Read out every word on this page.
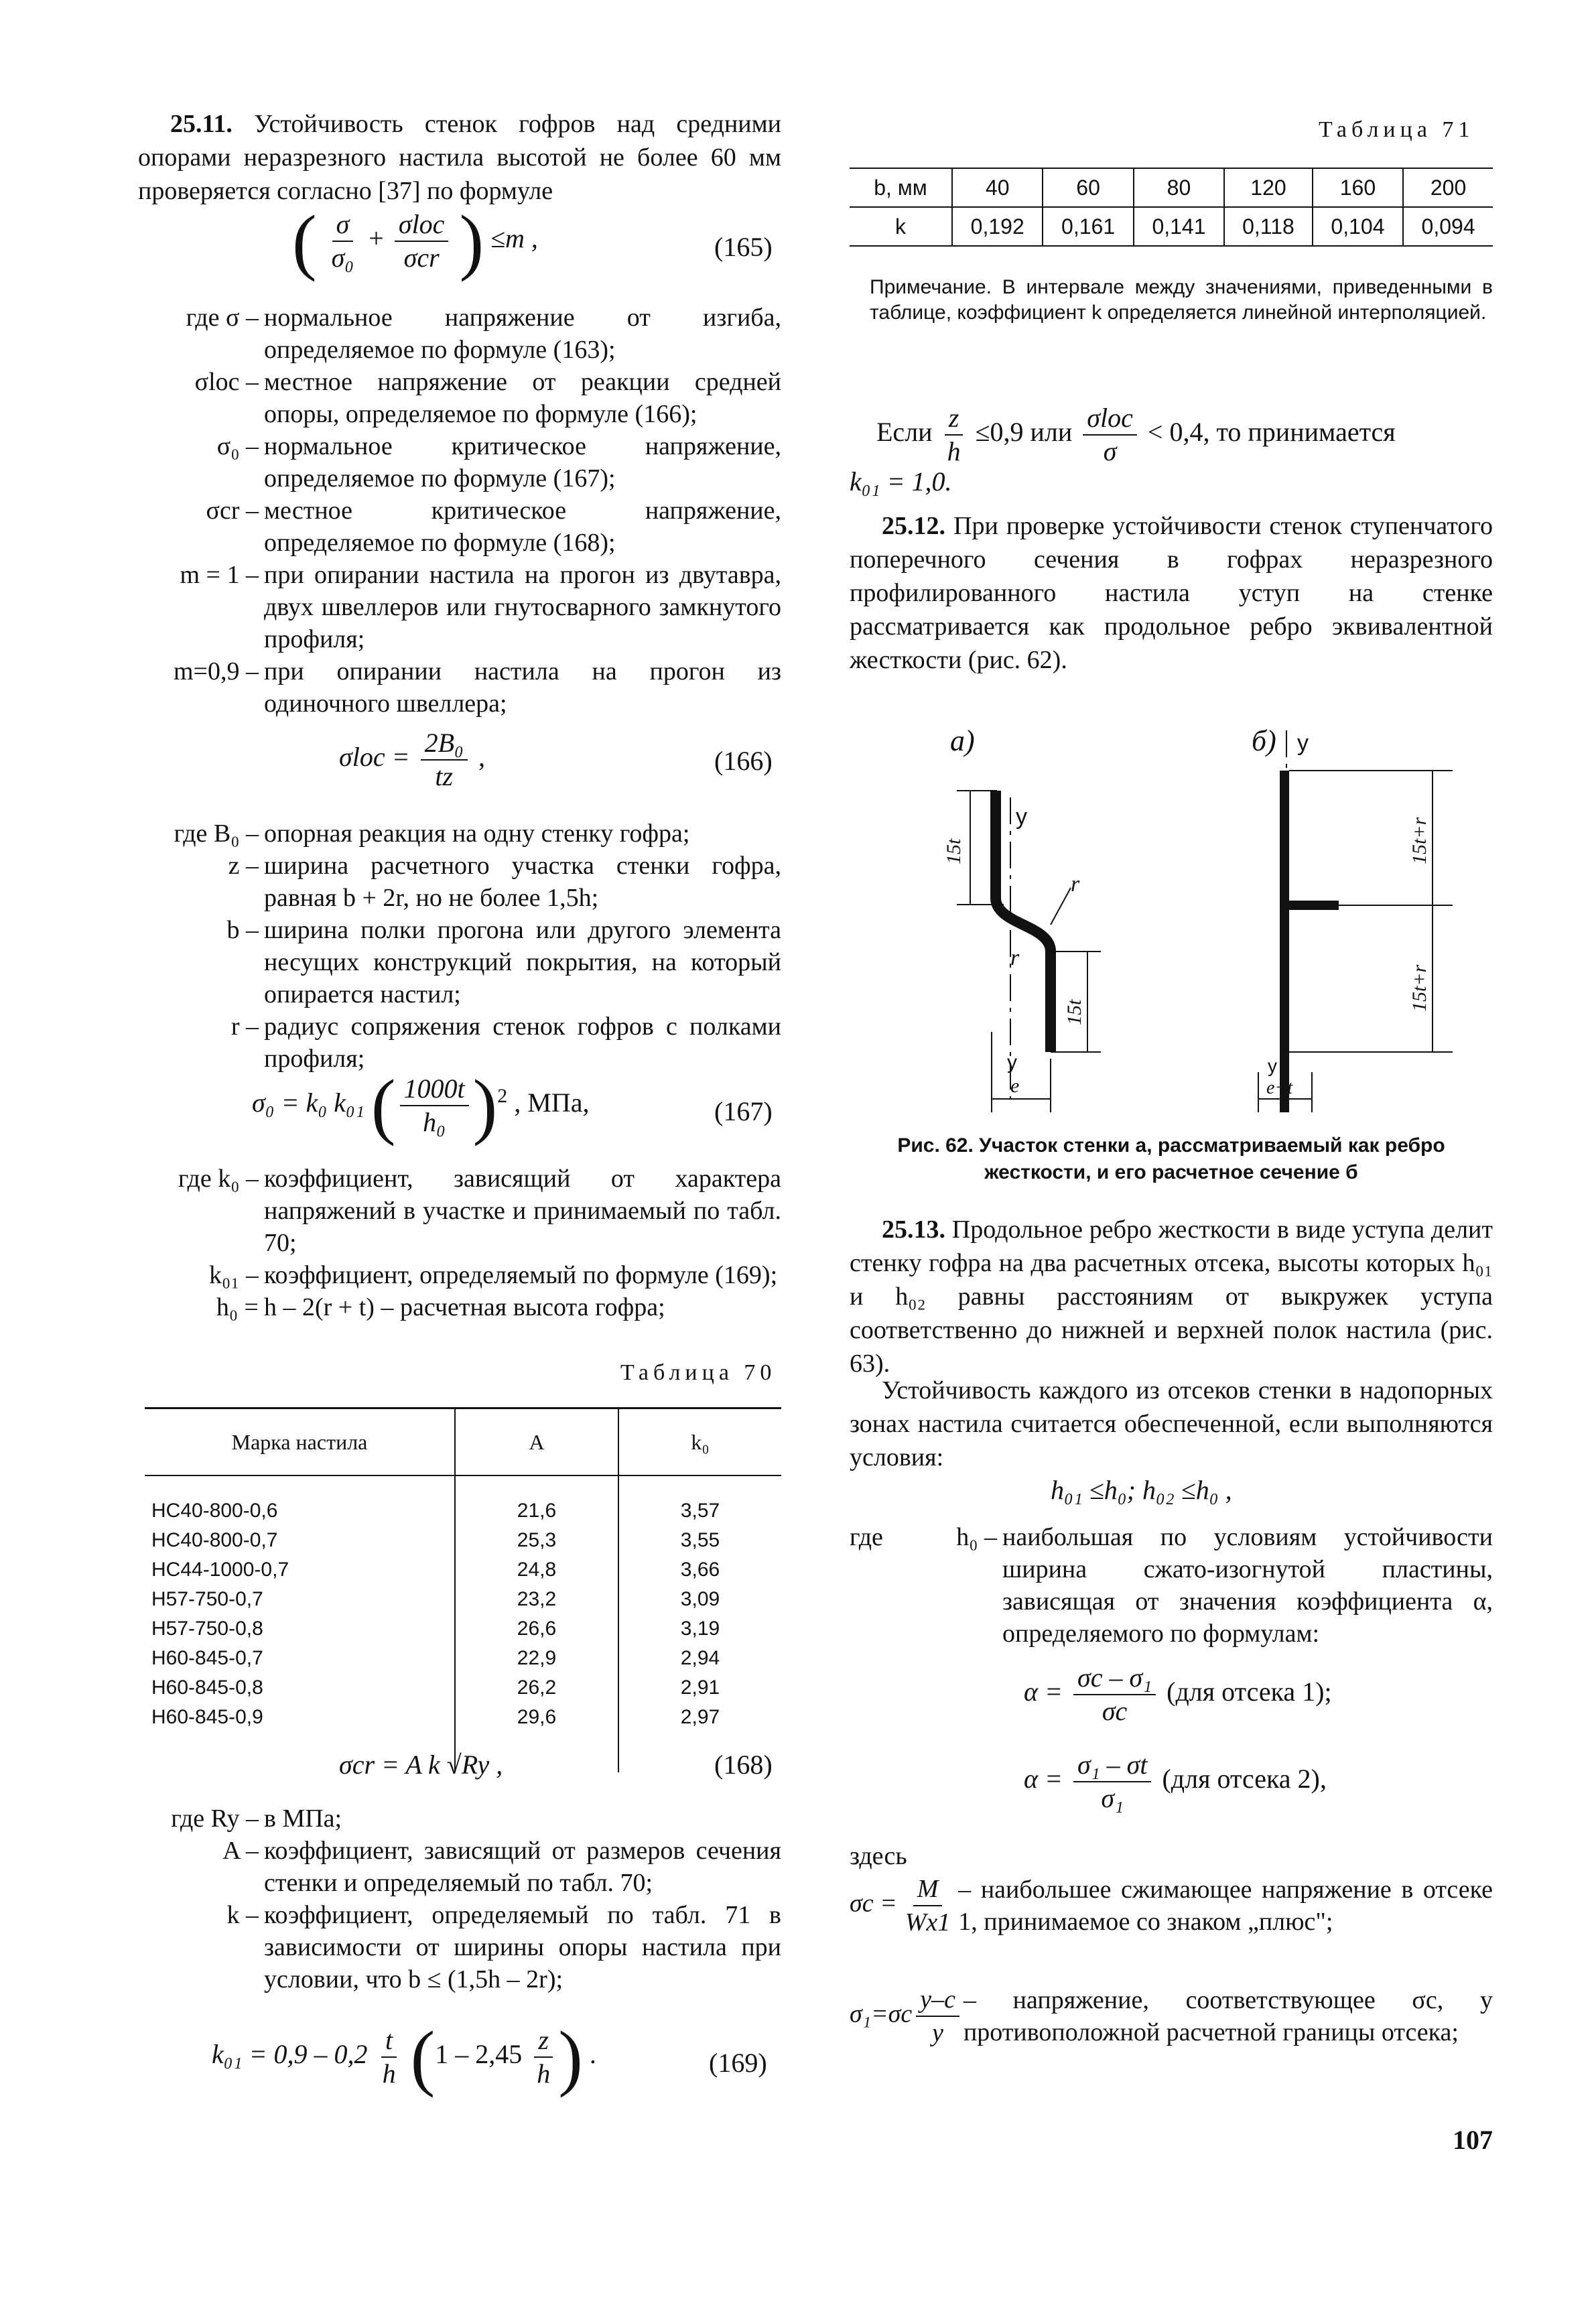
25.11. Устойчивость стенок гофров над средними опорами неразрезного настила высотой не более 60 мм проверяется согласно [37] по формуле

( $\frac{\sigma}{\text{σ₀}} + \frac{\text{σloc}}{\text{σcr}}$ ) ≤m ,	(165)
где σ – нормальное напряжение от изгиба, определяемое по формуле (163);
σloc – местное напряжение от реакции средней опоры, определяемое по формуле (166);
σ₀ – нормальное критическое напряжение, определяемое по формуле (167);
σcr – местное критическое напряжение, определяемое по формуле (168);
m = 1 – при опирании настила на прогон из двутавра, двух швеллеров или гнутосварного замкнутого профиля;
m=0,9 – при опирании настила на прогон из одиночного швеллера;
$\sigma loc = \frac{\text{2B₀}}{tz}$ ,	(166)
где B₀ – опорная реакция на одну стенку гофра;
z – ширина расчетного участка стенки гофра, равная b + 2r, но не более 1,5h;
b – ширина полки прогона или другого элемента несущих конструкций покрытия, на который опирается настил;
r – радиус сопряжения стенок гофров с полками профиля;
σ₀ = k₀ k₀₁ ( $\frac{1000t}{\text{h₀}} )^2$ , МПа,	(167)
где k₀ – коэффициент, зависящий от характера напряжений в участке и принимаемый по табл. 70;
k₀₁ – коэффициент, определяемый по формуле (169);
h₀ = h – 2(r + t) – расчетная высота гофра;
Таблица 70
Марка настила	A	k₀

НС40-800-0,6	21,6	3,57
НС40-800-0,7	25,3	3,55
НС44-1000-0,7	24,8	3,66
Н57-750-0,7	23,2	3,09
Н57-750-0,8	26,6	3,19
Н60-845-0,7	22,9	2,94
Н60-845-0,8	26,2	2,91
Н60-845-0,9	29,6	2,97

σcr = A k √Ry ,	(168)
где Ry – в МПа;
A – коэффициент, зависящий от размеров сечения стенки и определяемый по табл. 70;
k – коэффициент, определяемый по табл. 71 в зависимости от ширины опоры настила при условии, что b ≤ (1,5h – 2r);
$k_{01} = 0,9 - 0,2 \frac{t}{h} (1 - 2,45 \frac{z}{h}$ ) .	(169)
Таблица 71
b, мм	40	60	80	120	160	200
k	0,192	0,161	0,141	0,118	0,104	0,094
Примечание. В интервале между значениями, приведенными в таблице, коэффициент k определяется линейной интерполяцией.
Если $\frac{z}{h} \le 0,9$ или $\frac{\text{σloc}}{\sigma} < 0,4$, то принимается
k₀₁ = 1,0.

25.12. При проверке устойчивости стенок ступенчатого поперечного сечения в гофрах неразрезного профилированного настила уступ на стенке рассматривается как продольное ребро эквивалентной жесткости (рис. 62).

а)
15t
y
r
r
15t
e
y
б) y
15t+r
15t+r
e+t
y
Рис. 62. Участок стенки а, рассматриваемый как ребро жесткости, и его расчетное сечение б

25.13. Продольное ребро жесткости в виде уступа делит стенку гофра на два расчетных отсека, высоты которых h₀₁ и h₀₂ равны расстояниям от выкружек уступа соответственно до нижней и верхней полок настила (рис. 63).

Устойчивость каждого из отсеков стенки в надопорных зонах настила считается обеспеченной, если выполняются условия:

h₀₁ ≤h₀; h₀₂ ≤h₀ ,
где	h₀ – наибольшая по условиям устойчивости ширина сжато-изогнутой пластины, зависящая от значения коэффициента α, определяемого по формулам:
$\alpha = \frac{\text{σc – σ₁}}{\sigma c} (для$ отсека 1);
$\alpha = \frac{\text{σ₁ – σt}}{\text{σ₁}} (для$ отсека 2),
здесь
$\sigma c = \frac{M}{Wx1}$ – наибольшее сжимающее напряжение в отсеке 1, принимаемое со знаком „плюс";
$\sigma_1=\sigma c \frac{y-c}{y}$ – напряжение, соответствующее σc, у противоположной расчетной границы отсека;
107
